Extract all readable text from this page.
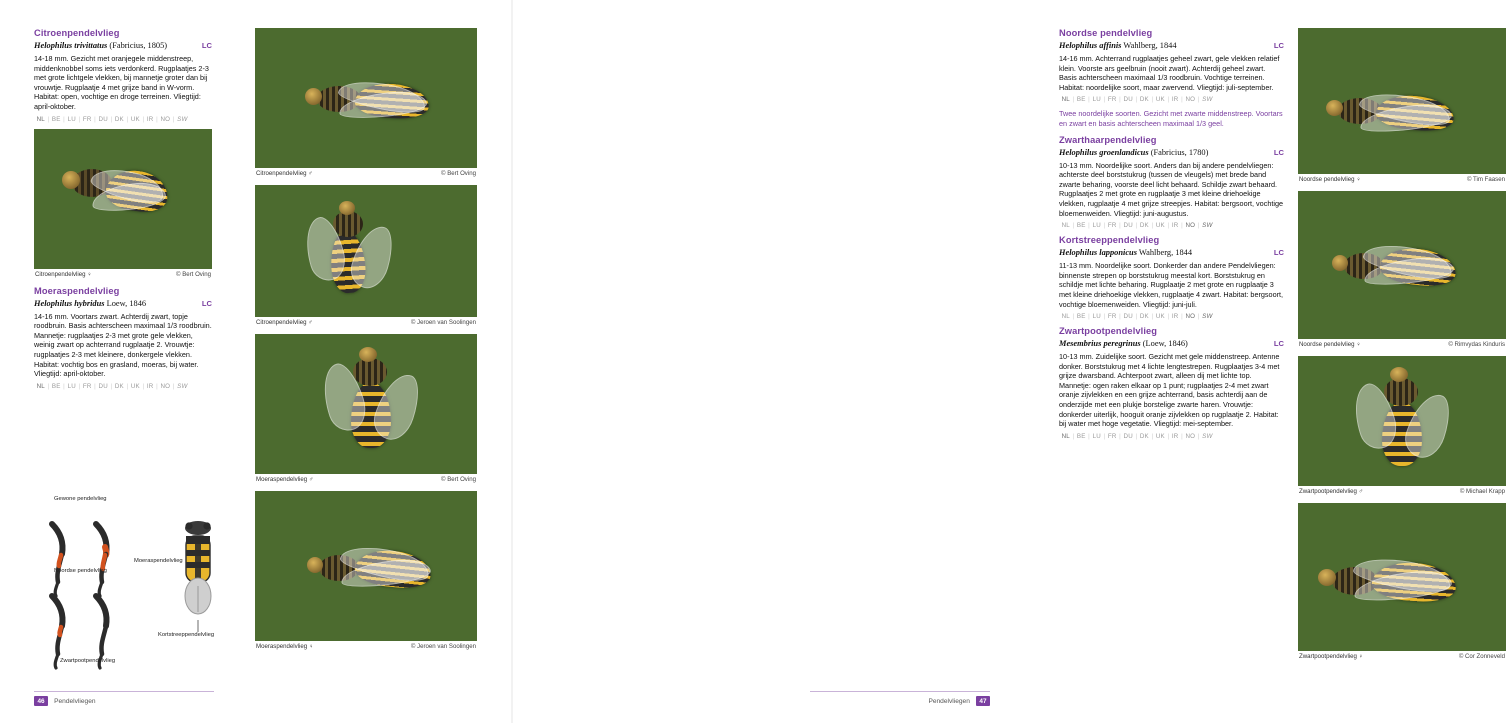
Citroenpendelvlieg
LC
Helophilus trivittatus (Fabricius, 1805)
14-18 mm. Gezicht met oranjegele middenstreep, middenknobbel soms iets verdonkerd. Rugplaatjes 2-3 met grote lichtgele vlekken, bij mannetje groter dan bij vrouwtje. Rugplaatje 4 met grijze band in W-vorm. Habitat: open, vochtige en droge terreinen. Vliegtijd: april-oktober.
NL | BE | LU | FR | DU | DK | UK | IR | NO | SW
Citroenpendelvlieg ♀	© Bert Oving
Moeraspendelvlieg
LC
Helophilus hybridus Loew, 1846
14-16 mm. Voortars zwart. Achterdij zwart, topje roodbruin. Basis achterscheen maximaal 1/3 roodbruin. Mannetje: rugplaatjes 2-3 met grote gele vlekken, weinig zwart op achterrand rugplaatje 2. Vrouwtje: rugplaatjes 2-3 met kleinere, donkergele vlekken. Habitat: vochtig bos en grasland, moeras, bij water. Vliegtijd: april-oktober.
NL | BE | LU | FR | DU | DK | UK | IR | NO | SW
Gewone pendelvlieg
Moeraspendelvlieg
Noordse pendelvlieg
Kortstreeppendelvlieg
Zwartpootpendelvlieg
Citroenpendelvlieg ♂	© Bert Oving
Citroenpendelvlieg ♂	© Jeroen van Soolingen
Moeraspendelvlieg ♂	© Bert Oving
Moeraspendelvlieg ♀	© Jeroen van Soolingen
46	Pendelvliegen
Noordse pendelvlieg
LC
Helophilus affinis Wahlberg, 1844
14-16 mm. Achterrand rugplaatjes geheel zwart, gele vlekken relatief klein. Voorste ars geelbruin (nooit zwart). Achterdij geheel zwart. Basis achterscheen maximaal 1/3 roodbruin. Vochtige terreinen. Habitat: noordelijke soort, maar zwervend. Vliegtijd: juli-september.
NL | BE | LU | FR | DU | DK | UK | IR | NO | SW
Twee noordelijke soorten. Gezicht met zwarte middenstreep. Voortars en zwart en basis achterscheen maximaal 1/3 geel.
Zwarthaarpendelvlieg
LC
Helophilus groenlandicus (Fabricius, 1780)
10-13 mm. Noordelijke soort. Anders dan bij andere pendelvliegen: achterste deel borststukrug (tussen de vleugels) met brede band zwarte beharing, voorste deel licht behaard. Schildje zwart behaard. Rugplaatjes 2 met grote en rugplaatje 3 met kleine driehoekige vlekken, rugplaatje 4 met grijze streepjes. Habitat: bergsoort, vochtige bloemenweiden. Vliegtijd: juni-augustus.
NL | BE | LU | FR | DU | DK | UK | IR | NO | SW
Kortstreeppendelvlieg
LC
Helophilus lapponicus Wahlberg, 1844
11-13 mm. Noordelijke soort. Donkerder dan andere Pendelvliegen: binnenste strepen op borststukrug meestal kort. Borststukrug en schildje met lichte beharing. Rugplaatje 2 met grote en rugplaatje 3 met kleine driehoekige vlekken, rugplaatje 4 zwart. Habitat: bergsoort, vochtige bloemenweiden. Vliegtijd: juni-juli.
NL | BE | LU | FR | DU | DK | UK | IR | NO | SW
Zwartpootpendelvlieg
LC
Mesembrius peregrinus (Loew, 1846)
10-13 mm. Zuidelijke soort. Gezicht met gele middenstreep. Antenne donker. Borststukrug met 4 lichte lengtestrepen. Rugplaatjes 3-4 met grijze dwarsband. Achterpoot zwart, alleen dij met lichte top. Mannetje: ogen raken elkaar op 1 punt; rugplaatjes 2-4 met zwart oranje zijvlekken en een grijze achterrand, basis achterdij aan de onderzijde met een plukje borstelige zwarte haren. Vrouwtje: donkerder uiterlijk, hooguit oranje zijvlekken op rugplaatje 2. Habitat: bij water met hoge vegetatie. Vliegtijd: mei-september.
NL | BE | LU | FR | DU | DK | UK | IR | NO | SW
Noordse pendelvlieg ♀	© Tim Faasen
Noordse pendelvlieg ♀	© Rimvydas Kinduris
Zwartpootpendelvlieg ♂	© Michael Krapp
Zwartpootpendelvlieg ♀	© Cor Zonneveld
Pendelvliegen	47
